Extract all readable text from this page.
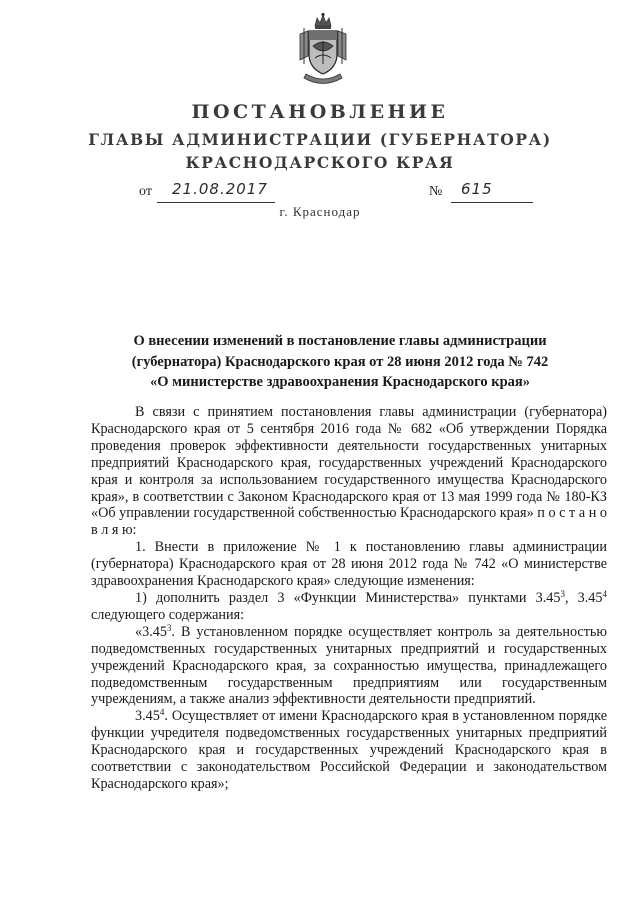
ПОСТАНОВЛЕНИЕ
ГЛАВЫ АДМИНИСТРАЦИИ (ГУБЕРНАТОРА)
КРАСНОДАРСКОГО КРАЯ
от 21.08.2017	№ 615
г. Краснодар
О внесении изменений в постановление главы администрации
(губернатора) Краснодарского края от 28 июня 2012 года № 742
«О министерстве здравоохранения Краснодарского края»

В связи с принятием постановления главы администрации (губернатора) Краснодарского края от 5 сентября 2016 года № 682 «Об утверждении Порядка проведения проверок эффективности деятельности государственных унитарных предприятий Краснодарского края, государственных учреждений Краснодарского края и контроля за использованием государственного имущества Краснодарского края», в соответствии с Законом Краснодарского края от 13 мая 1999 года № 180-КЗ «Об управлении государственной собственностью Краснодарского края» п о с т а н о в л я ю:

1. Внести в приложение № 1 к постановлению главы администрации (губернатора) Краснодарского края от 28 июня 2012 года № 742 «О министерстве здравоохранения Краснодарского края» следующие изменения:

1) дополнить раздел 3 «Функции Министерства» пунктами 3.45$^3$, 3.45$^4$ следующего содержания:

«3.45$^3$. В установленном порядке осуществляет контроль за деятельностью подведомственных государственных унитарных предприятий и государственных учреждений Краснодарского края, за сохранностью имущества, принадлежащего подведомственным государственным предприятиям или государственным учреждениям, а также анализ эффективности деятельности предприятий.

3.45$^4$. Осуществляет от имени Краснодарского края в установленном порядке функции учредителя подведомственных государственных унитарных предприятий Краснодарского края и государственных учреждений Краснодарского края в соответствии с законодательством Российской Федерации и законодательством Краснодарского края»;
